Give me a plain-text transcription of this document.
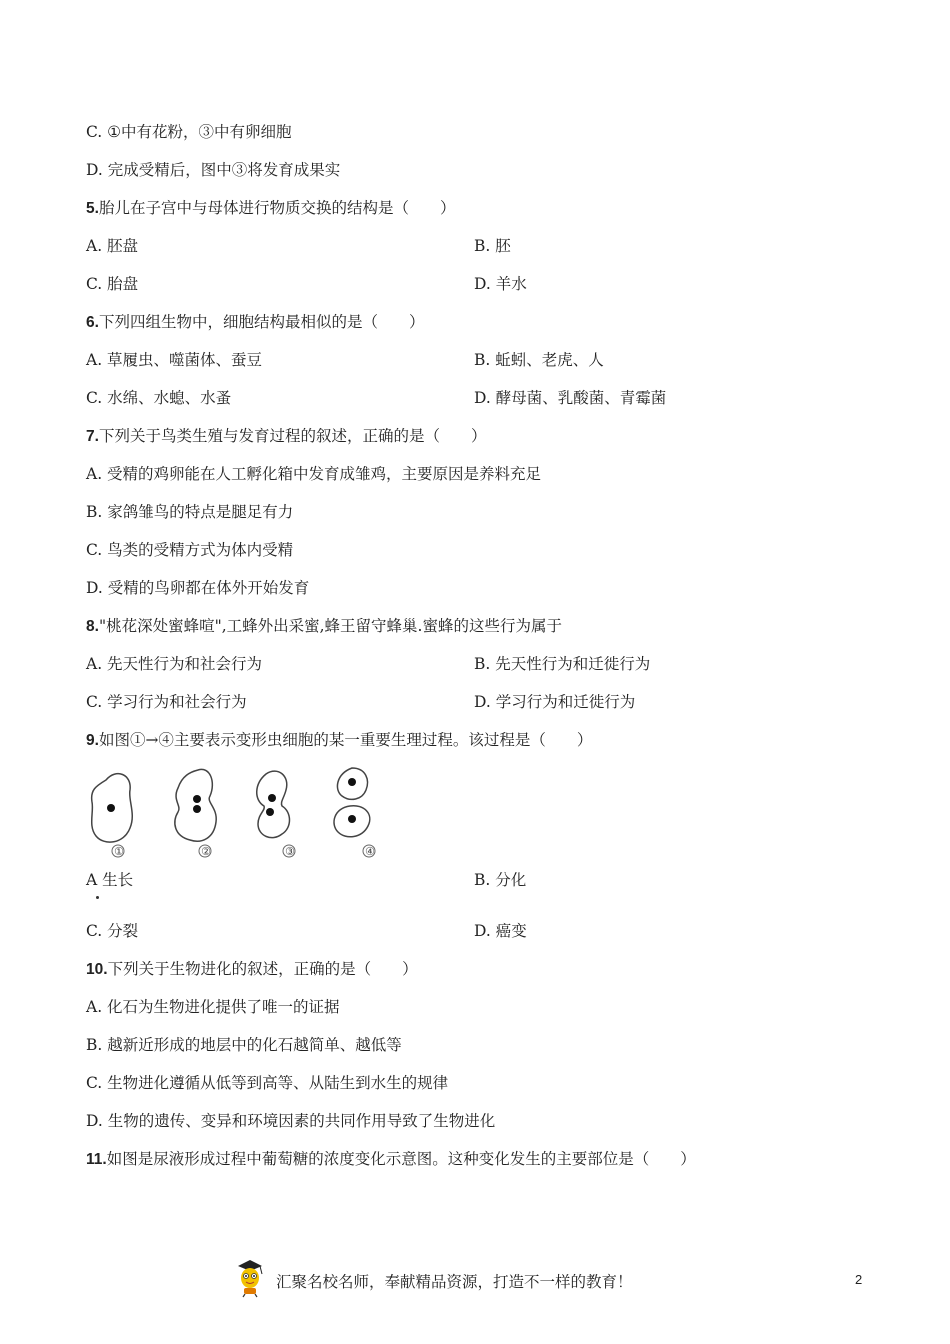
C. ①中有花粉，③中有卵细胞
D. 完成受精后，图中③将发育成果实
5.胎儿在子宫中与母体进行物质交换的结构是（　　）
A. 胚盘	B. 胚
C. 胎盘	D. 羊水
6.下列四组生物中，细胞结构最相似的是（　　）
A. 草履虫、噬菌体、蚕豆	B. 蚯蚓、老虎、人
C. 水绵、水螅、水蚤	D. 酵母菌、乳酸菌、青霉菌
7.下列关于鸟类生殖与发育过程的叙述，正确的是（　　）
A. 受精的鸡卵能在人工孵化箱中发育成雏鸡，主要原因是养料充足
B. 家鸽雏鸟的特点是腿足有力
C. 鸟类的受精方式为体内受精
D. 受精的鸟卵都在体外开始发育
8."桃花深处蜜蜂喧",工蜂外出采蜜,蜂王留守蜂巢.蜜蜂的这些行为属于
A. 先天性行为和社会行为	B. 先天性行为和迁徙行为
C. 学习行为和社会行为	D. 学习行为和迁徙行为
9.如图①→④主要表示变形虫细胞的某一重要生理过程。该过程是（　　）
①	②	③	④
A 生长	B. 分化
C. 分裂	D. 癌变
10.下列关于生物进化的叙述，正确的是（　　）
A. 化石为生物进化提供了唯一的证据
B. 越新近形成的地层中的化石越简单、越低等
C. 生物进化遵循从低等到高等、从陆生到水生的规律
D. 生物的遗传、变异和环境因素的共同作用导致了生物进化
11.如图是尿液形成过程中葡萄糖的浓度变化示意图。这种变化发生的主要部位是（　　）
汇聚名校名师，奉献精品资源，打造不一样的教育！	2
